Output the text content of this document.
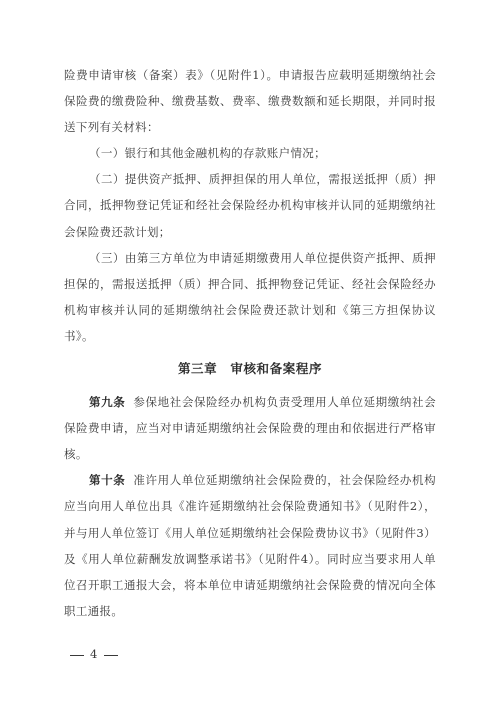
险费申请审核（备案）表》（见附件1）。申请报告应载明延期缴纳社会保险费的缴费险种、缴费基数、费率、缴费数额和延长期限，并同时报送下列有关材料：

（一）银行和其他金融机构的存款账户情况；

（二）提供资产抵押、质押担保的用人单位，需报送抵押（质）押合同，抵押物登记凭证和经社会保险经办机构审核并认同的延期缴纳社会保险费还款计划；

（三）由第三方单位为申请延期缴费用人单位提供资产抵押、质押担保的，需报送抵押（质）押合同、抵押物登记凭证、经社会保险经办机构审核并认同的延期缴纳社会保险费还款计划和《第三方担保协议书》。

第三章　审核和备案程序

第九条 参保地社会保险经办机构负责受理用人单位延期缴纳社会保险费申请，应当对申请延期缴纳社会保险费的理由和依据进行严格审核。

第十条 准许用人单位延期缴纳社会保险费的，社会保险经办机构应当向用人单位出具《准许延期缴纳社会保险费通知书》（见附件2），并与用人单位签订《用人单位延期缴纳社会保险费协议书》（见附件3）及《用人单位薪酬发放调整承诺书》（见附件4）。同时应当要求用人单位召开职工通报大会，将本单位申请延期缴纳社会保险费的情况向全体职工通报。

4
